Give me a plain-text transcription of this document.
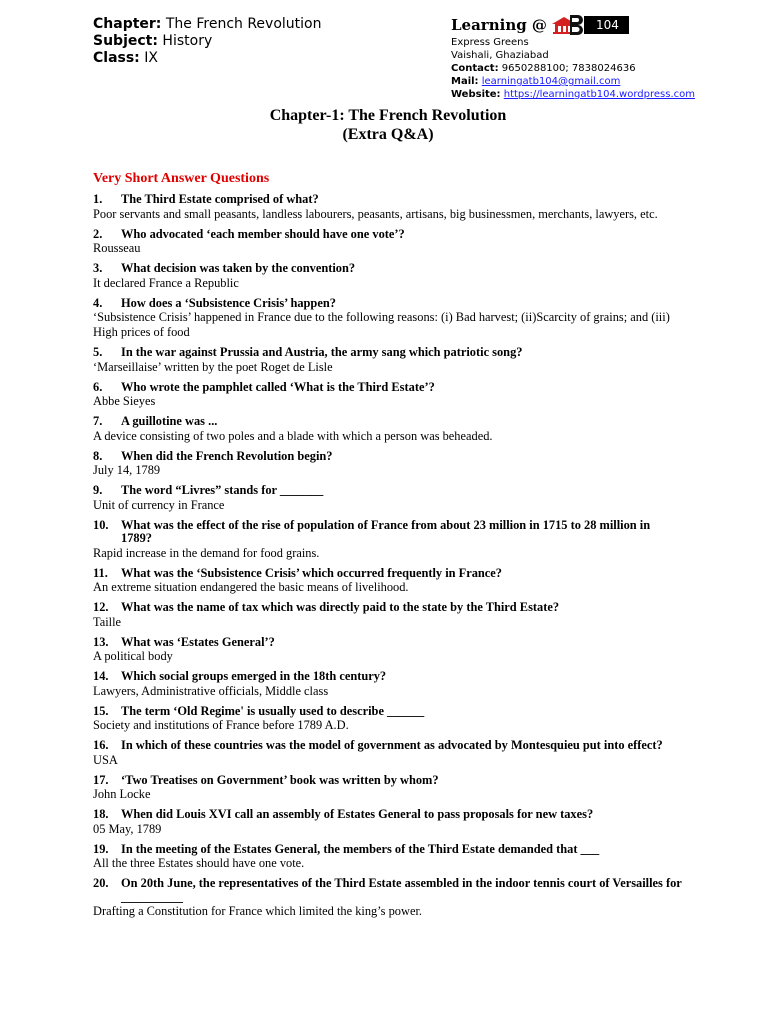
Chapter: The French Revolution
Subject: History
Class: IX
Learning @	104
Express Greens
Vaishali, Ghaziabad
Contact: 9650288100; 7838024636
Mail: learningatb104@gmail.com
Website: https://learningatb104.wordpress.com
Chapter-1: The French Revolution
(Extra Q&A)
Very Short Answer Questions
1.	The Third Estate comprised of what?
Poor servants and small peasants, landless labourers, peasants, artisans, big businessmen, merchants, lawyers, etc.
2.	Who advocated ‘each member should have one vote’?
Rousseau
3.	What decision was taken by the convention?
It declared France a Republic
4.	How does a ‘Subsistence Crisis’ happen?
‘Subsistence Crisis’ happened in France due to the following reasons: (i) Bad harvest; (ii)Scarcity of grains; and (iii) High prices of food
5.	In the war against Prussia and Austria, the army sang which patriotic song?
‘Marseillaise’ written by the poet Roget de Lisle
6.	Who wrote the pamphlet called ‘What is the Third Estate’?
Abbe Sieyes
7.	A guillotine was ...
A device consisting of two poles and a blade with which a person was beheaded.
8.	When did the French Revolution begin?
July 14, 1789
9.	The word “Livres” stands for _______
Unit of currency in France
10.	What was the effect of the rise of population of France from about 23 million in 1715 to 28 million in 1789?
Rapid increase in the demand for food grains.
11.	What was the ‘Subsistence Crisis’ which occurred frequently in France?
An extreme situation endangered the basic means of livelihood.
12.	What was the name of tax which was directly paid to the state by the Third Estate?
Taille
13.	What was ‘Estates General’?
A political body
14.	Which social groups emerged in the 18th century?
Lawyers, Administrative officials, Middle class
15.	The term ‘Old Regime' is usually used to describe ______
Society and institutions of France before 1789 A.D.
16.	In which of these countries was the model of government as advocated by Montesquieu put into effect?
USA
17.	‘Two Treatises on Government’ book was written by whom?
John Locke
18.	When did Louis XVI call an assembly of Estates General to pass proposals for new taxes?
05 May, 1789
19.	In the meeting of the Estates General, the members of the Third Estate demanded that ___
All the three Estates should have one vote.
20.	On 20th June, the representatives of the Third Estate assembled in the indoor tennis court of Versailles for __________
Drafting a Constitution for France which limited the king’s power.
